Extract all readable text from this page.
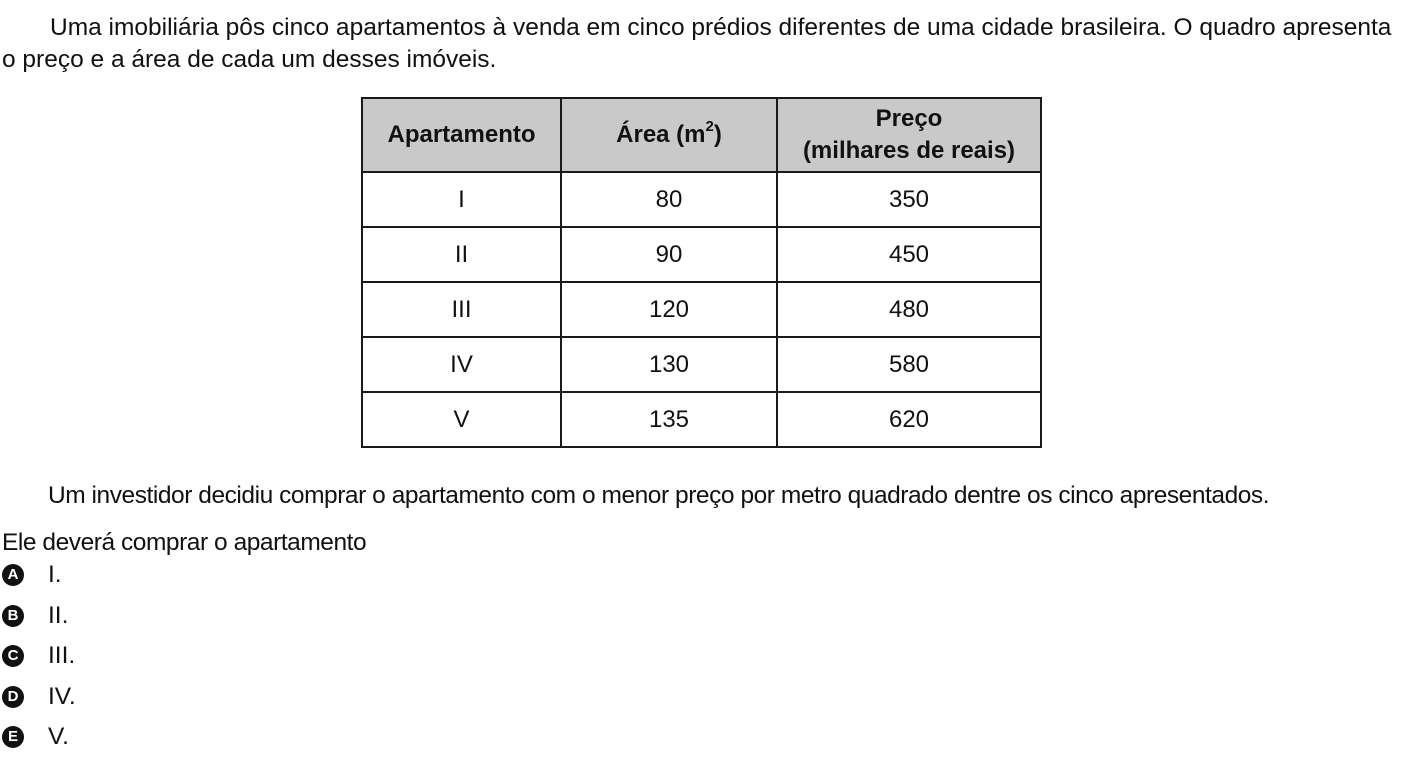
Uma imobiliária pôs cinco apartamentos à venda em cinco prédios diferentes de uma cidade brasileira. O quadro apresenta o preço e a área de cada um desses imóveis.

Apartamento	Área $(m^2)$	Preço
(milhares de reais)

I	80	350
II	90	450
III	120	480
IV	130	580
V	135	620

Um investidor decidiu comprar o apartamento com o menor preço por metro quadrado dentre os cinco apresentados.
Ele deverá comprar o apartamento

A I.
B II.
C III.
D IV.
E V.
